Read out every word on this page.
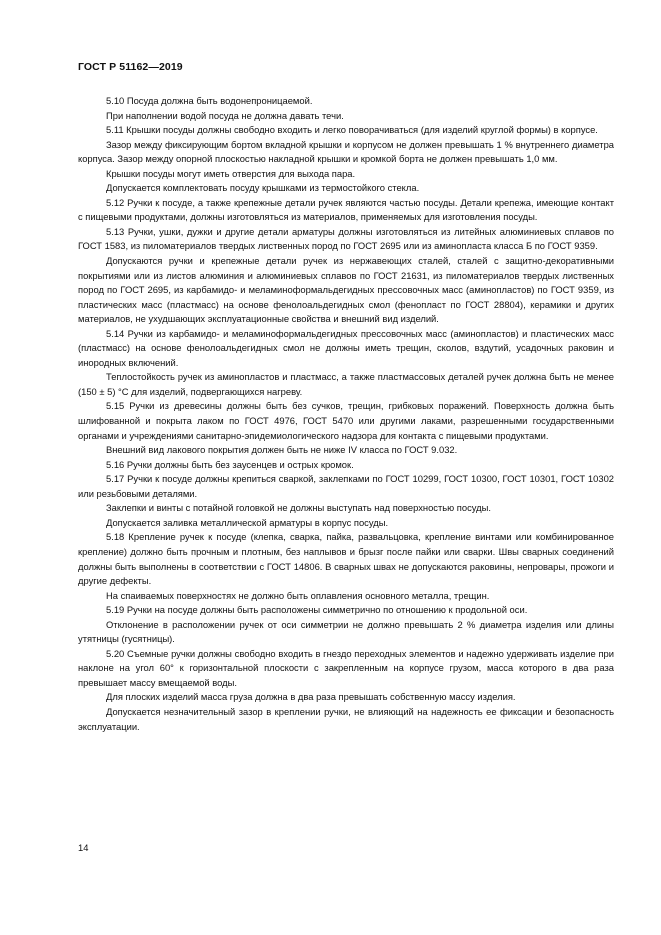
ГОСТ Р 51162—2019

5.10 Посуда должна быть водонепроницаемой.

При наполнении водой посуда не должна давать течи.

5.11 Крышки посуды должны свободно входить и легко поворачиваться (для изделий круглой формы) в корпусе.

Зазор между фиксирующим бортом вкладной крышки и корпусом не должен превышать 1 % внутреннего диаметра корпуса. Зазор между опорной плоскостью накладной крышки и кромкой борта не должен превышать 1,0 мм.

Крышки посуды могут иметь отверстия для выхода пара.

Допускается комплектовать посуду крышками из термостойкого стекла.

5.12 Ручки к посуде, а также крепежные детали ручек являются частью посуды. Детали крепежа, имеющие контакт с пищевыми продуктами, должны изготовляться из материалов, применяемых для изготовления посуды.

5.13 Ручки, ушки, дужки и другие детали арматуры должны изготовляться из литейных алюминиевых сплавов по ГОСТ 1583, из пиломатериалов твердых лиственных пород по ГОСТ 2695 или из аминопласта класса Б по ГОСТ 9359.

Допускаются ручки и крепежные детали ручек из нержавеющих сталей, сталей с защитно-декоративными покрытиями или из листов алюминия и алюминиевых сплавов по ГОСТ 21631, из пиломатериалов твердых лиственных пород по ГОСТ 2695, из карбамидо- и меламиноформальдегидных прессовочных масс (аминопластов) по ГОСТ 9359, из пластических масс (пластмасс) на основе фенолоальдегидных смол (фенопласт по ГОСТ 28804), керамики и других материалов, не ухудшающих эксплуатационные свойства и внешний вид изделий.

5.14 Ручки из карбамидо- и меламиноформальдегидных прессовочных масс (аминопластов) и пластических масс (пластмасс) на основе фенолоальдегидных смол не должны иметь трещин, сколов, вздутий, усадочных раковин и инородных включений.

Теплостойкость ручек из аминопластов и пластмасс, а также пластмассовых деталей ручек должна быть не менее (150 ± 5) °С для изделий, подвергающихся нагреву.

5.15 Ручки из древесины должны быть без сучков, трещин, грибковых поражений. Поверхность должна быть шлифованной и покрыта лаком по ГОСТ 4976, ГОСТ 5470 или другими лаками, разрешенными государственными органами и учреждениями санитарно-эпидемиологического надзора для контакта с пищевыми продуктами.

Внешний вид лакового покрытия должен быть не ниже IV класса по ГОСТ 9.032.

5.16 Ручки должны быть без заусенцев и острых кромок.

5.17 Ручки к посуде должны крепиться сваркой, заклепками по ГОСТ 10299, ГОСТ 10300, ГОСТ 10301, ГОСТ 10302 или резьбовыми деталями.

Заклепки и винты с потайной головкой не должны выступать над поверхностью посуды.

Допускается заливка металлической арматуры в корпус посуды.

5.18 Крепление ручек к посуде (клепка, сварка, пайка, развальцовка, крепление винтами или комбинированное крепление) должно быть прочным и плотным, без наплывов и брызг после пайки или сварки. Швы сварных соединений должны быть выполнены в соответствии с ГОСТ 14806. В сварных швах не допускаются раковины, непровары, прожоги и другие дефекты.

На спаиваемых поверхностях не должно быть оплавления основного металла, трещин.

5.19 Ручки на посуде должны быть расположены симметрично по отношению к продольной оси.

Отклонение в расположении ручек от оси симметрии не должно превышать 2 % диаметра изделия или длины утятницы (гусятницы).

5.20 Съемные ручки должны свободно входить в гнездо переходных элементов и надежно удерживать изделие при наклоне на угол 60° к горизонтальной плоскости с закрепленным на корпусе грузом, масса которого в два раза превышает массу вмещаемой воды.

Для плоских изделий масса груза должна в два раза превышать собственную массу изделия.

Допускается незначительный зазор в креплении ручки, не влияющий на надежность ее фиксации и безопасность эксплуатации.

14
